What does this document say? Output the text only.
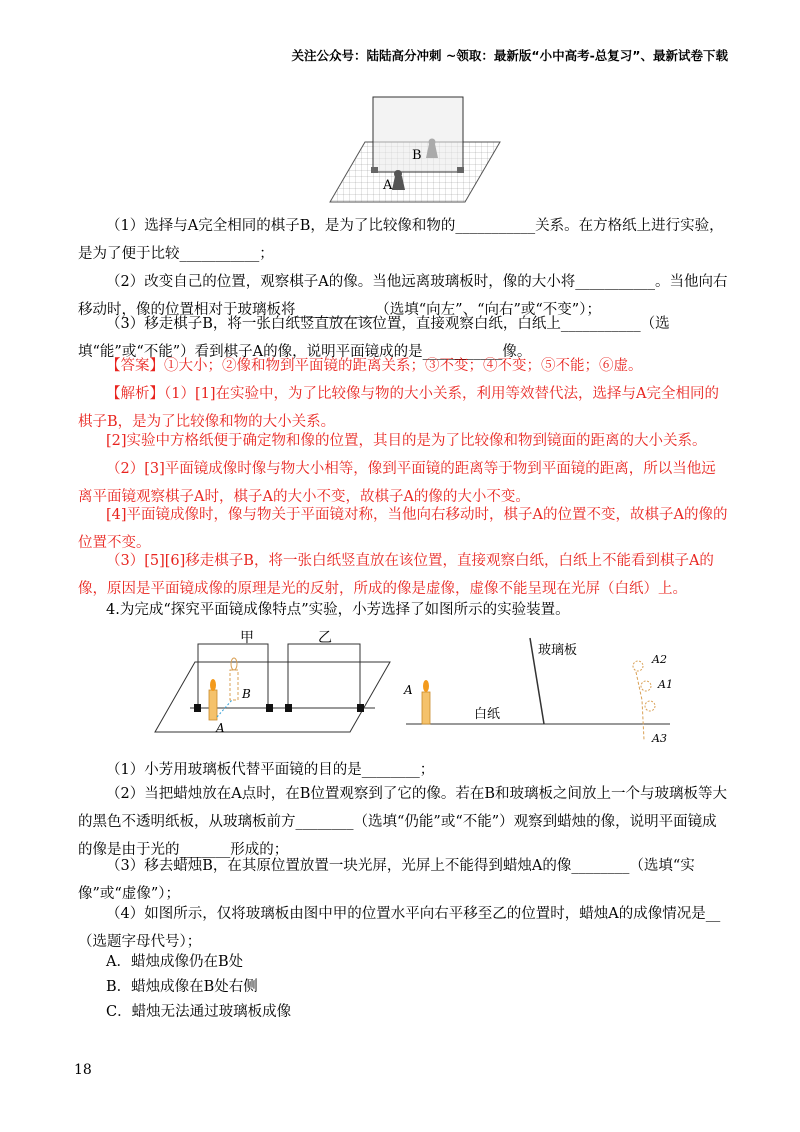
关注公众号：陆陆高分冲刺 ~领取：最新版“小中高考-总复习”、最新试卷下载
B
A
（1）选择与A完全相同的棋子B，是为了比较像和物的___________关系。在方格纸上进行实验，是为了便于比较___________；
（2）改变自己的位置，观察棋子A的像。当他远离玻璃板时，像的大小将___________。当他向右移动时，像的位置相对于玻璃板将___________（选填“向左”、“向右”或“不变”）；
（3）移走棋子B，将一张白纸竖直放在该位置，直接观察白纸，白纸上___________（选填“能”或“不能”）看到棋子A的像，说明平面镜成的是___________像。
【答案】①大小；②像和物到平面镜的距离关系；③不变；④不变；⑤不能；⑥虚。
【解析】（1）[1]在实验中，为了比较像与物的大小关系，利用等效替代法，选择与A完全相同的棋子B，是为了比较像和物的大小关系。
[2]实验中方格纸便于确定物和像的位置，其目的是为了比较像和物到镜面的距离的大小关系。
（2）[3]平面镜成像时像与物大小相等，像到平面镜的距离等于物到平面镜的距离，所以当他远离平面镜观察棋子A时，棋子A的大小不变，故棋子A的像的大小不变。
[4]平面镜成像时，像与物关于平面镜对称，当他向右移动时，棋子A的位置不变，故棋子A的像的位置不变。
（3）[5][6]移走棋子B，将一张白纸竖直放在该位置，直接观察白纸，白纸上不能看到棋子A的像，原因是平面镜成像的原理是光的反射，所成的像是虚像，虚像不能呈现在光屏（白纸）上。
4.为完成“探究平面镜成像特点”实验，小芳选择了如图所示的实验装置。
甲	乙
A
B
玻璃板
白纸
A
A2
A1
A3
（1）小芳用玻璃板代替平面镜的目的是________；
（2）当把蜡烛放在A点时，在B位置观察到了它的像。若在B和玻璃板之间放上一个与玻璃板等大的黑色不透明纸板，从玻璃板前方________（选填“仍能”或“不能”）观察到蜡烛的像，说明平面镜成的像是由于光的_______形成的；
（3）移去蜡烛B，在其原位置放置一块光屏，光屏上不能得到蜡烛A的像________（选填“实像”或“虚像”）；
（4）如图所示，仅将玻璃板由图中甲的位置水平向右平移至乙的位置时，蜡烛A的成像情况是__（选题字母代号）；
A．蜡烛成像仍在B处
B．蜡烛成像在B处右侧
C．蜡烛无法通过玻璃板成像
18
